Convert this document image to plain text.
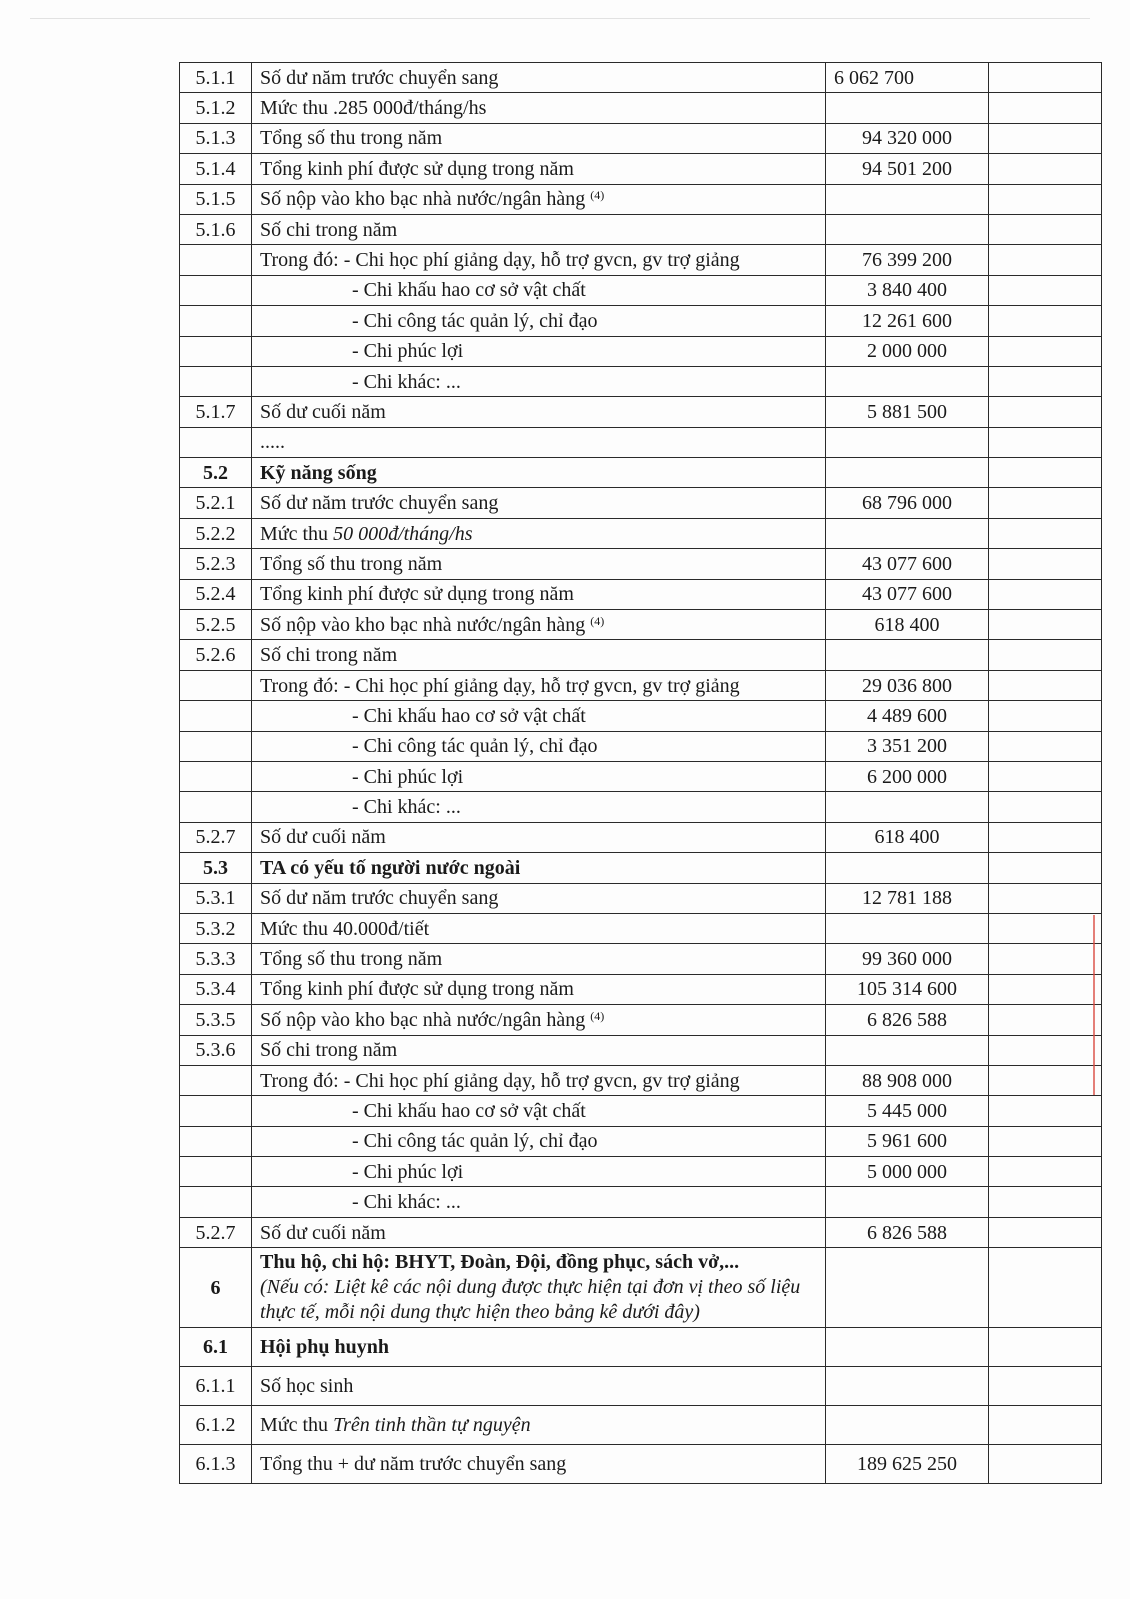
5.1.1	Số dư năm trước chuyển sang	6 062 700	
5.1.2	Mức thu .285 000đ/tháng/hs		
5.1.3	Tổng số thu trong năm	94 320 000	
5.1.4	Tổng kinh phí được sử dụng trong năm	94 501 200	
5.1.5	Số nộp vào kho bạc nhà nước/ngân hàng $^{(4)}$		
5.1.6	Số chi trong năm		
	Trong đó: - Chi học phí giảng dạy, hỗ trợ gvcn, gv trợ giảng	76 399 200	
	- Chi khấu hao cơ sở vật chất	3 840 400	
	- Chi công tác quản lý, chỉ đạo	12 261 600	
	- Chi phúc lợi	2 000 000	
	- Chi khác: ...		
5.1.7	Số dư cuối năm	5 881 500	
	.....		
5.2	Kỹ năng sống		
5.2.1	Số dư năm trước chuyển sang	68 796 000	
5.2.2	Mức thu 50 000đ/tháng/hs		
5.2.3	Tổng số thu trong năm	43 077 600	
5.2.4	Tổng kinh phí được sử dụng trong năm	43 077 600	
5.2.5	Số nộp vào kho bạc nhà nước/ngân hàng $^{(4)}$	618 400	
5.2.6	Số chi trong năm		
	Trong đó: - Chi học phí giảng dạy, hỗ trợ gvcn, gv trợ giảng	29 036 800	
	- Chi khấu hao cơ sở vật chất	4 489 600	
	- Chi công tác quản lý, chỉ đạo	3 351 200	
	- Chi phúc lợi	6 200 000	
	- Chi khác: ...		
5.2.7	Số dư cuối năm	618 400	
5.3	TA có yếu tố người nước ngoài		
5.3.1	Số dư năm trước chuyển sang	12 781 188	
5.3.2	Mức thu 40.000đ/tiết		
5.3.3	Tổng số thu trong năm	99 360 000	
5.3.4	Tổng kinh phí được sử dụng trong năm	105 314 600	
5.3.5	Số nộp vào kho bạc nhà nước/ngân hàng $^{(4)}$	6 826 588	
5.3.6	Số chi trong năm		
	Trong đó: - Chi học phí giảng dạy, hỗ trợ gvcn, gv trợ giảng	88 908 000	
	- Chi khấu hao cơ sở vật chất	5 445 000	
	- Chi công tác quản lý, chỉ đạo	5 961 600	
	- Chi phúc lợi	5 000 000	
	- Chi khác: ...		
5.2.7	Số dư cuối năm	6 826 588	
6	Thu hộ, chi hộ: BHYT, Đoàn, Đội, đồng phục, sách vở,...
(Nếu có: Liệt kê các nội dung được thực hiện tại đơn vị theo số liệu thực tế, mỗi nội dung thực hiện theo bảng kê dưới đây)		
6.1	Hội phụ huynh		
6.1.1	Số học sinh		
6.1.2	Mức thu Trên tinh thần tự nguyện		
6.1.3	Tổng thu + dư năm trước chuyển sang	189 625 250	
